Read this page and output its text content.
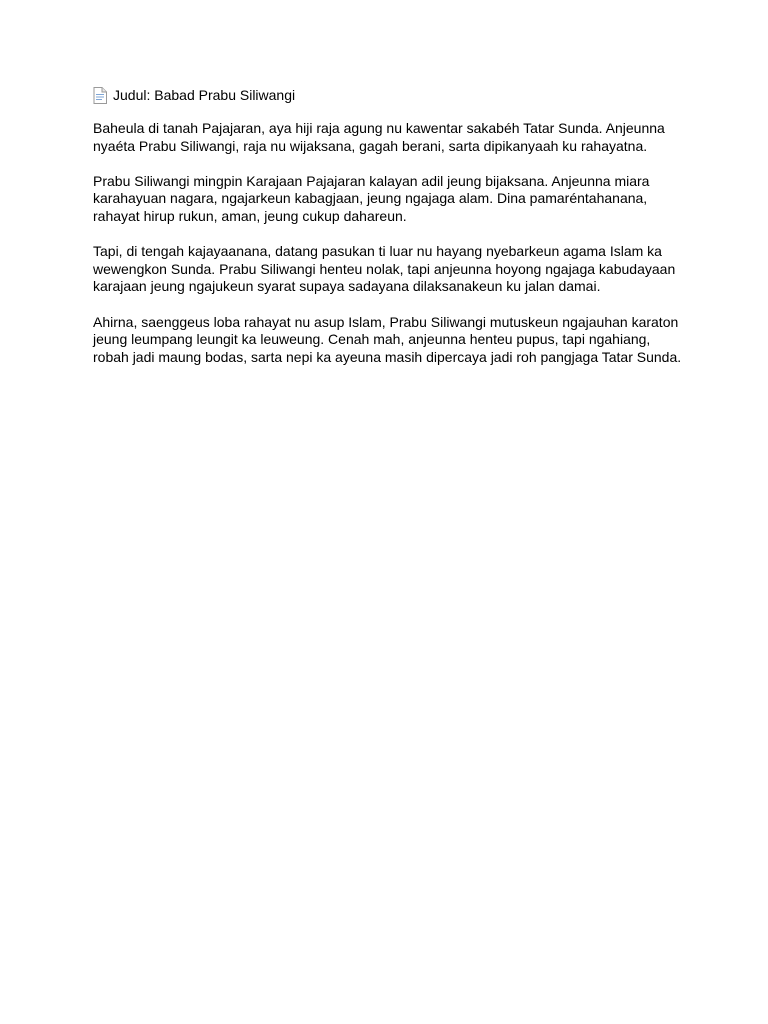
Judul: Babad Prabu Siliwangi

Baheula di tanah Pajajaran, aya hiji raja agung nu kawentar sakabéh Tatar Sunda. Anjeunna nyaéta Prabu Siliwangi, raja nu wijaksana, gagah berani, sarta dipikanyaah ku rahayatna.

Prabu Siliwangi mingpin Karajaan Pajajaran kalayan adil jeung bijaksana. Anjeunna miara karahayuan nagara, ngajarkeun kabagjaan, jeung ngajaga alam. Dina pamaréntahanana, rahayat hirup rukun, aman, jeung cukup dahareun.

Tapi, di tengah kajayaanana, datang pasukan ti luar nu hayang nyebarkeun agama Islam ka wewengkon Sunda. Prabu Siliwangi henteu nolak, tapi anjeunna hoyong ngajaga kabudayaan karajaan jeung ngajukeun syarat supaya sadayana dilaksanakeun ku jalan damai.

Ahirna, saenggeus loba rahayat nu asup Islam, Prabu Siliwangi mutuskeun ngajauhan karaton jeung leumpang leungit ka leuweung. Cenah mah, anjeunna henteu pupus, tapi ngahiang, robah jadi maung bodas, sarta nepi ka ayeuna masih dipercaya jadi roh pangjaga Tatar Sunda.
